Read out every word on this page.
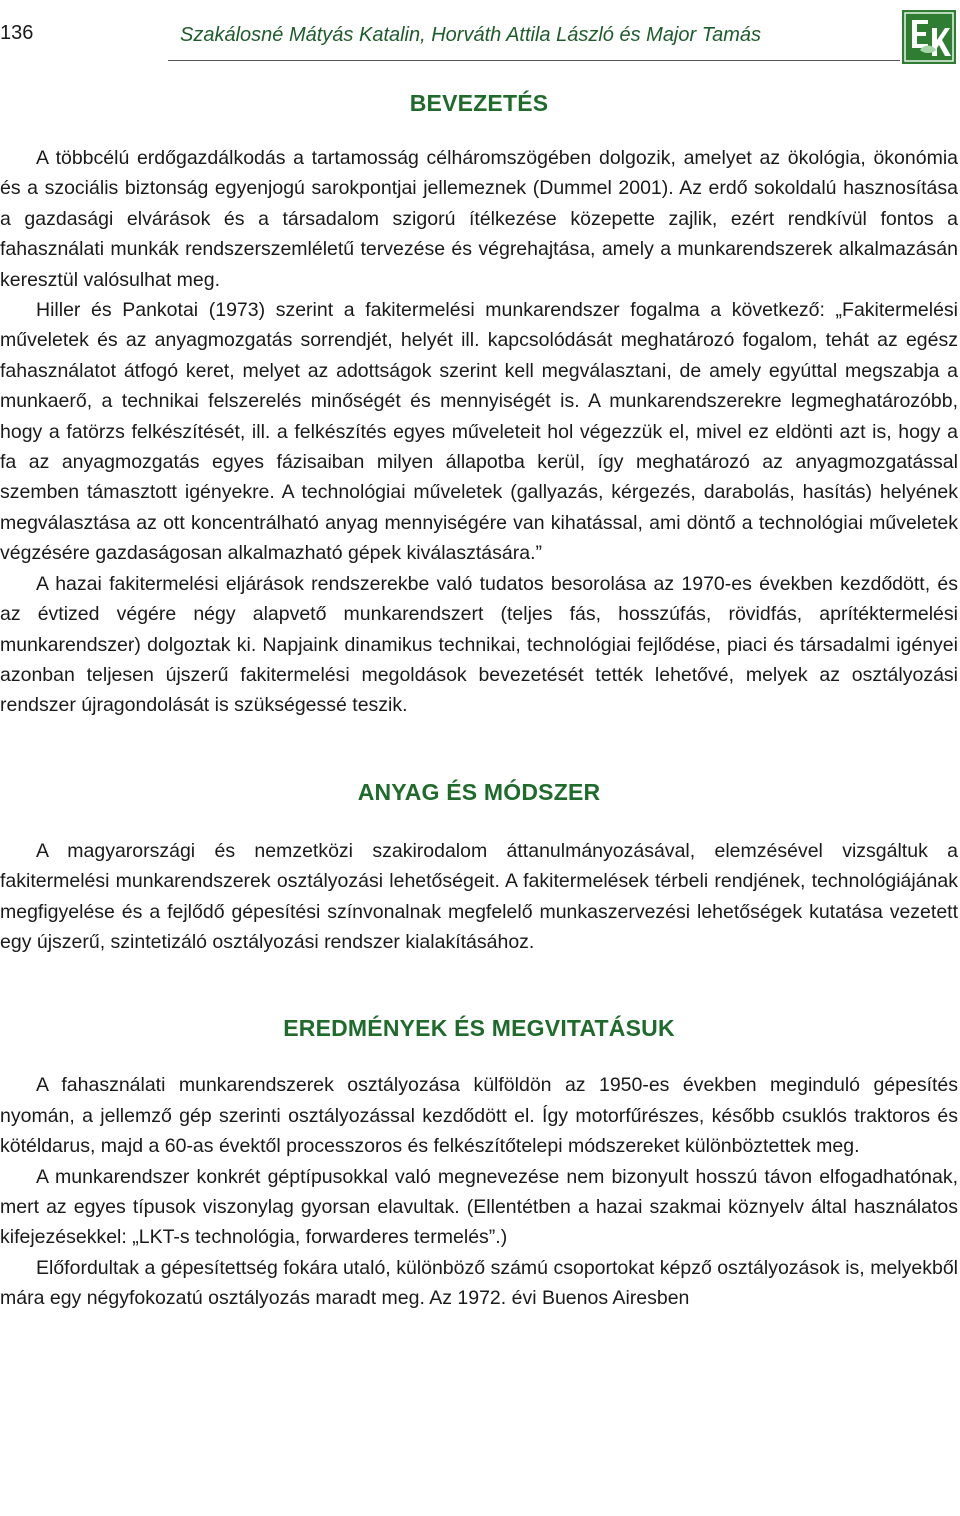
136	Szakálosné Mátyás Katalin, Horváth Attila László és Major Tamás
BEVEZETÉS

A többcélú erdőgazdálkodás a tartamosság célháromszögében dolgozik, amelyet az ökológia, ökonómia és a szociális biztonság egyenjogú sarokpontjai jellemeznek (Dummel 2001). Az erdő sokoldalú hasznosítása a gazdasági elvárások és a társadalom szigorú ítélkezése közepette zajlik, ezért rendkívül fontos a fahasználati munkák rendszerszemléletű tervezése és végrehajtása, amely a munkarendszerek alkalmazásán keresztül valósulhat meg.

Hiller és Pankotai (1973) szerint a fakitermelési munkarendszer fogalma a következő: „Fakitermelési műveletek és az anyagmozgatás sorrendjét, helyét ill. kapcsolódását meghatározó fogalom, tehát az egész fahasználatot átfogó keret, melyet az adottságok szerint kell megválasztani, de amely egyúttal megszabja a munkaerő, a technikai felszerelés minőségét és mennyiségét is. A munkarendszerekre legmeghatározóbb, hogy a fatörzs felkészítését, ill. a felkészítés egyes műveleteit hol végezzük el, mivel ez eldönti azt is, hogy a fa az anyagmozgatás egyes fázisaiban milyen állapotba kerül, így meghatározó az anyagmozgatással szemben támasztott igényekre. A technológiai műveletek (gallyazás, kérgezés, darabolás, hasítás) helyének megválasztása az ott koncentrálható anyag mennyiségére van kihatással, ami döntő a technológiai műveletek végzésére gazdaságosan alkalmazható gépek kiválasztására.”

A hazai fakitermelési eljárások rendszerekbe való tudatos besorolása az 1970-es években kezdődött, és az évtized végére négy alapvető munkarendszert (teljes fás, hosszúfás, rövidfás, aprítéktermelési munkarendszer) dolgoztak ki. Napjaink dinamikus technikai, technológiai fejlődése, piaci és társadalmi igényei azonban teljesen újszerű fakitermelési megoldások bevezetését tették lehetővé, melyek az osztályozási rendszer újragondolását is szükségessé teszik.

ANYAG ÉS MÓDSZER

A magyarországi és nemzetközi szakirodalom áttanulmányozásával, elemzésével vizsgáltuk a fakitermelési munkarendszerek osztályozási lehetőségeit. A fakitermelések térbeli rendjének, technológiájának megfigyelése és a fejlődő gépesítési színvonalnak megfelelő munkaszervezési lehetőségek kutatása vezetett egy újszerű, szintetizáló osztályozási rendszer kialakításához.

EREDMÉNYEK ÉS MEGVITATÁSUK

A fahasználati munkarendszerek osztályozása külföldön az 1950-es években meginduló gépesítés nyomán, a jellemző gép szerinti osztályozással kezdődött el. Így motorfűrészes, később csuklós traktoros és kötéldarus, majd a 60-as évektől processzoros és felkészítőtelepi módszereket különböztettek meg.

A munkarendszer konkrét géptípusokkal való megnevezése nem bizonyult hosszú távon elfogadhatónak, mert az egyes típusok viszonylag gyorsan elavultak. (Ellentétben a hazai szakmai köznyelv által használatos kifejezésekkel: „LKT-s technológia, forwarderes termelés”.)

Előfordultak a gépesítettség fokára utaló, különböző számú csoportokat képző osztályozások is, melyekből mára egy négyfokozatú osztályozás maradt meg. Az 1972. évi Buenos Airesben
